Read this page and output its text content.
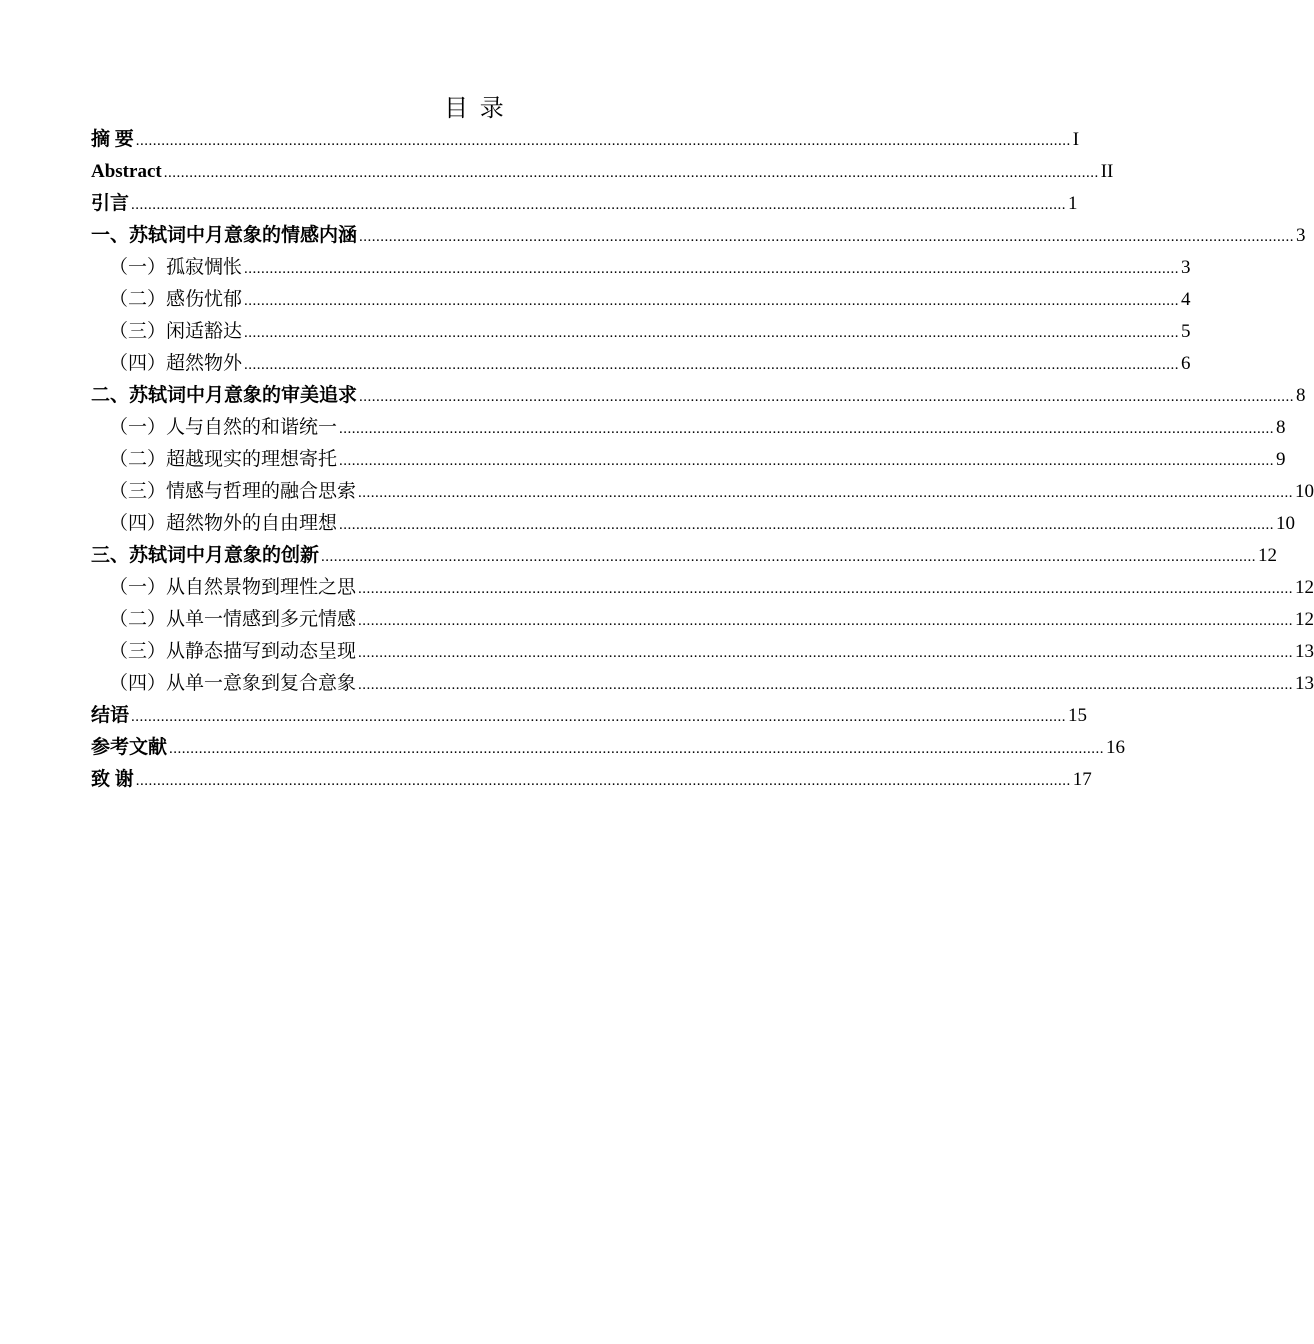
目 录
摘 要 ............................................................................................................................................................................................................................ I
Abstract ............................................................................................................................................................................................................................ II
引言 ............................................................................................................................................................................................................................ 1
一、苏轼词中月意象的情感内涵 ............................................................................................................................................................................................................................ 3
（一）孤寂惆怅 ............................................................................................................................................................................................................................ 3
（二）感伤忧郁 ............................................................................................................................................................................................................................ 4
（三）闲适豁达 ............................................................................................................................................................................................................................ 5
（四）超然物外 ............................................................................................................................................................................................................................ 6
二、苏轼词中月意象的审美追求 ............................................................................................................................................................................................................................ 8
（一）人与自然的和谐统一 ............................................................................................................................................................................................................................ 8
（二）超越现实的理想寄托 ............................................................................................................................................................................................................................ 9
（三）情感与哲理的融合思索 ............................................................................................................................................................................................................................ 10
（四）超然物外的自由理想 ............................................................................................................................................................................................................................ 10
三、苏轼词中月意象的创新 ............................................................................................................................................................................................................................ 12
（一）从自然景物到理性之思 ............................................................................................................................................................................................................................ 12
（二）从单一情感到多元情感 ............................................................................................................................................................................................................................ 12
（三）从静态描写到动态呈现 ............................................................................................................................................................................................................................ 13
（四）从单一意象到复合意象 ............................................................................................................................................................................................................................ 13
结语 ............................................................................................................................................................................................................................ 15
参考文献 ............................................................................................................................................................................................................................ 16
致 谢 ............................................................................................................................................................................................................................ 17
